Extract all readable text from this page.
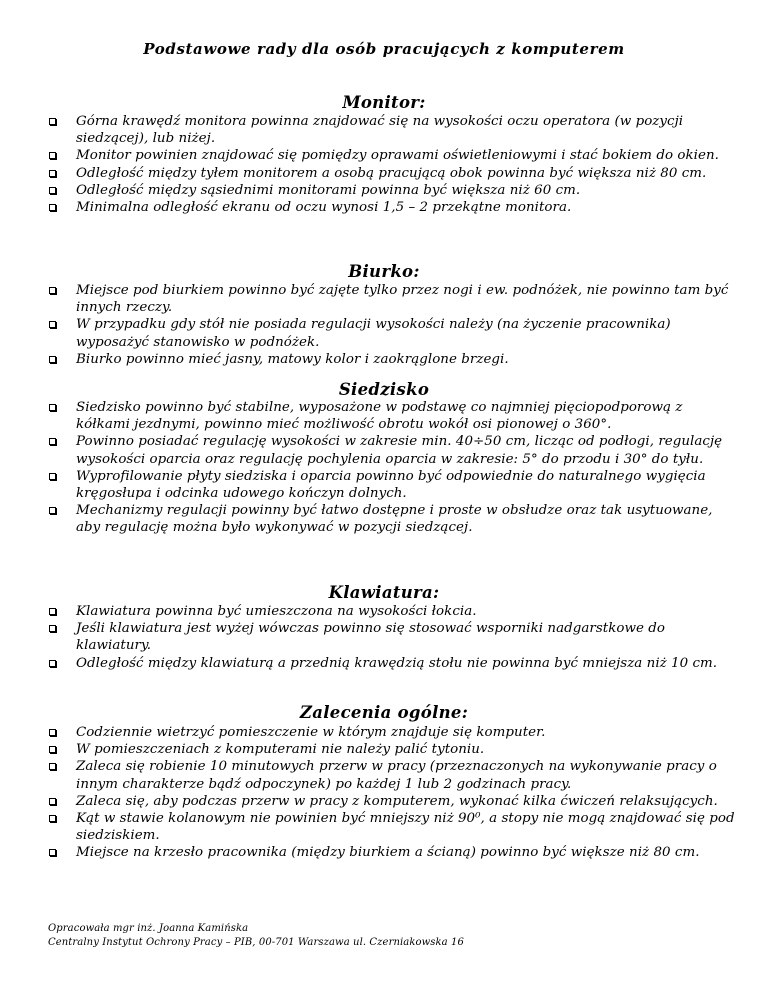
Podstawowe rady dla osób pracujących z komputerem
Monitor:
Górna krawędź monitora powinna znajdować się na wysokości oczu operatora (w pozycji siedzącej), lub niżej.
Monitor powinien znajdować się pomiędzy oprawami oświetleniowymi i stać bokiem do okien.
Odległość między tyłem monitorem a osobą pracującą obok powinna być większa niż 80 cm.
Odległość między sąsiednimi monitorami powinna być większa niż 60 cm.
Minimalna odległość ekranu od oczu wynosi 1,5 – 2 przekątne monitora.
Biurko:
Miejsce pod biurkiem powinno być zajęte tylko przez nogi i ew. podnóżek, nie powinno tam być innych rzeczy.
W przypadku gdy stół nie posiada regulacji wysokości należy (na życzenie pracownika) wyposażyć stanowisko w podnóżek.
Biurko powinno mieć jasny, matowy kolor i zaokrąglone brzegi.
Siedzisko
Siedzisko powinno być stabilne, wyposażone w podstawę co najmniej pięciopodporową z kółkami jezdnymi, powinno mieć możliwość obrotu wokół osi pionowej o 360°.
Powinno posiadać regulację wysokości w zakresie min. 40÷50 cm, licząc od podłogi, regulację wysokości oparcia oraz regulację pochylenia oparcia w zakresie: 5° do przodu i 30° do tyłu.
Wyprofilowanie płyty siedziska i oparcia powinno być odpowiednie do naturalnego wygięcia kręgosłupa i odcinka udowego kończyn dolnych.
Mechanizmy regulacji powinny być łatwo dostępne i proste w obsłudze oraz tak usytuowane, aby regulację można było wykonywać w pozycji siedzącej.
Klawiatura:
Klawiatura powinna być umieszczona na wysokości łokcia.
Jeśli klawiatura jest wyżej wówczas powinno się stosować wsporniki nadgarstkowe do klawiatury.
Odległość między klawiaturą a przednią krawędzią stołu nie powinna być mniejsza niż 10 cm.
Zalecenia ogólne:
Codziennie wietrzyć pomieszczenie w którym znajduje się komputer.
W pomieszczeniach z komputerami nie należy palić tytoniu.
Zaleca się robienie 10 minutowych przerw w pracy (przeznaczonych na wykonywanie pracy o innym charakterze bądź odpoczynek) po każdej 1 lub 2 godzinach pracy.
Zaleca się, aby podczas przerw w pracy z komputerem, wykonać kilka ćwiczeń relaksujących.
Kąt w stawie kolanowym nie powinien być mniejszy niż 90⁰, a stopy nie mogą znajdować się pod siedziskiem.
Miejsce na krzesło pracownika (między biurkiem a ścianą) powinno być większe niż 80 cm.
Opracowała mgr inż. Joanna Kamińska
Centralny Instytut Ochrony Pracy – PIB, 00-701 Warszawa ul. Czerniakowska 16
